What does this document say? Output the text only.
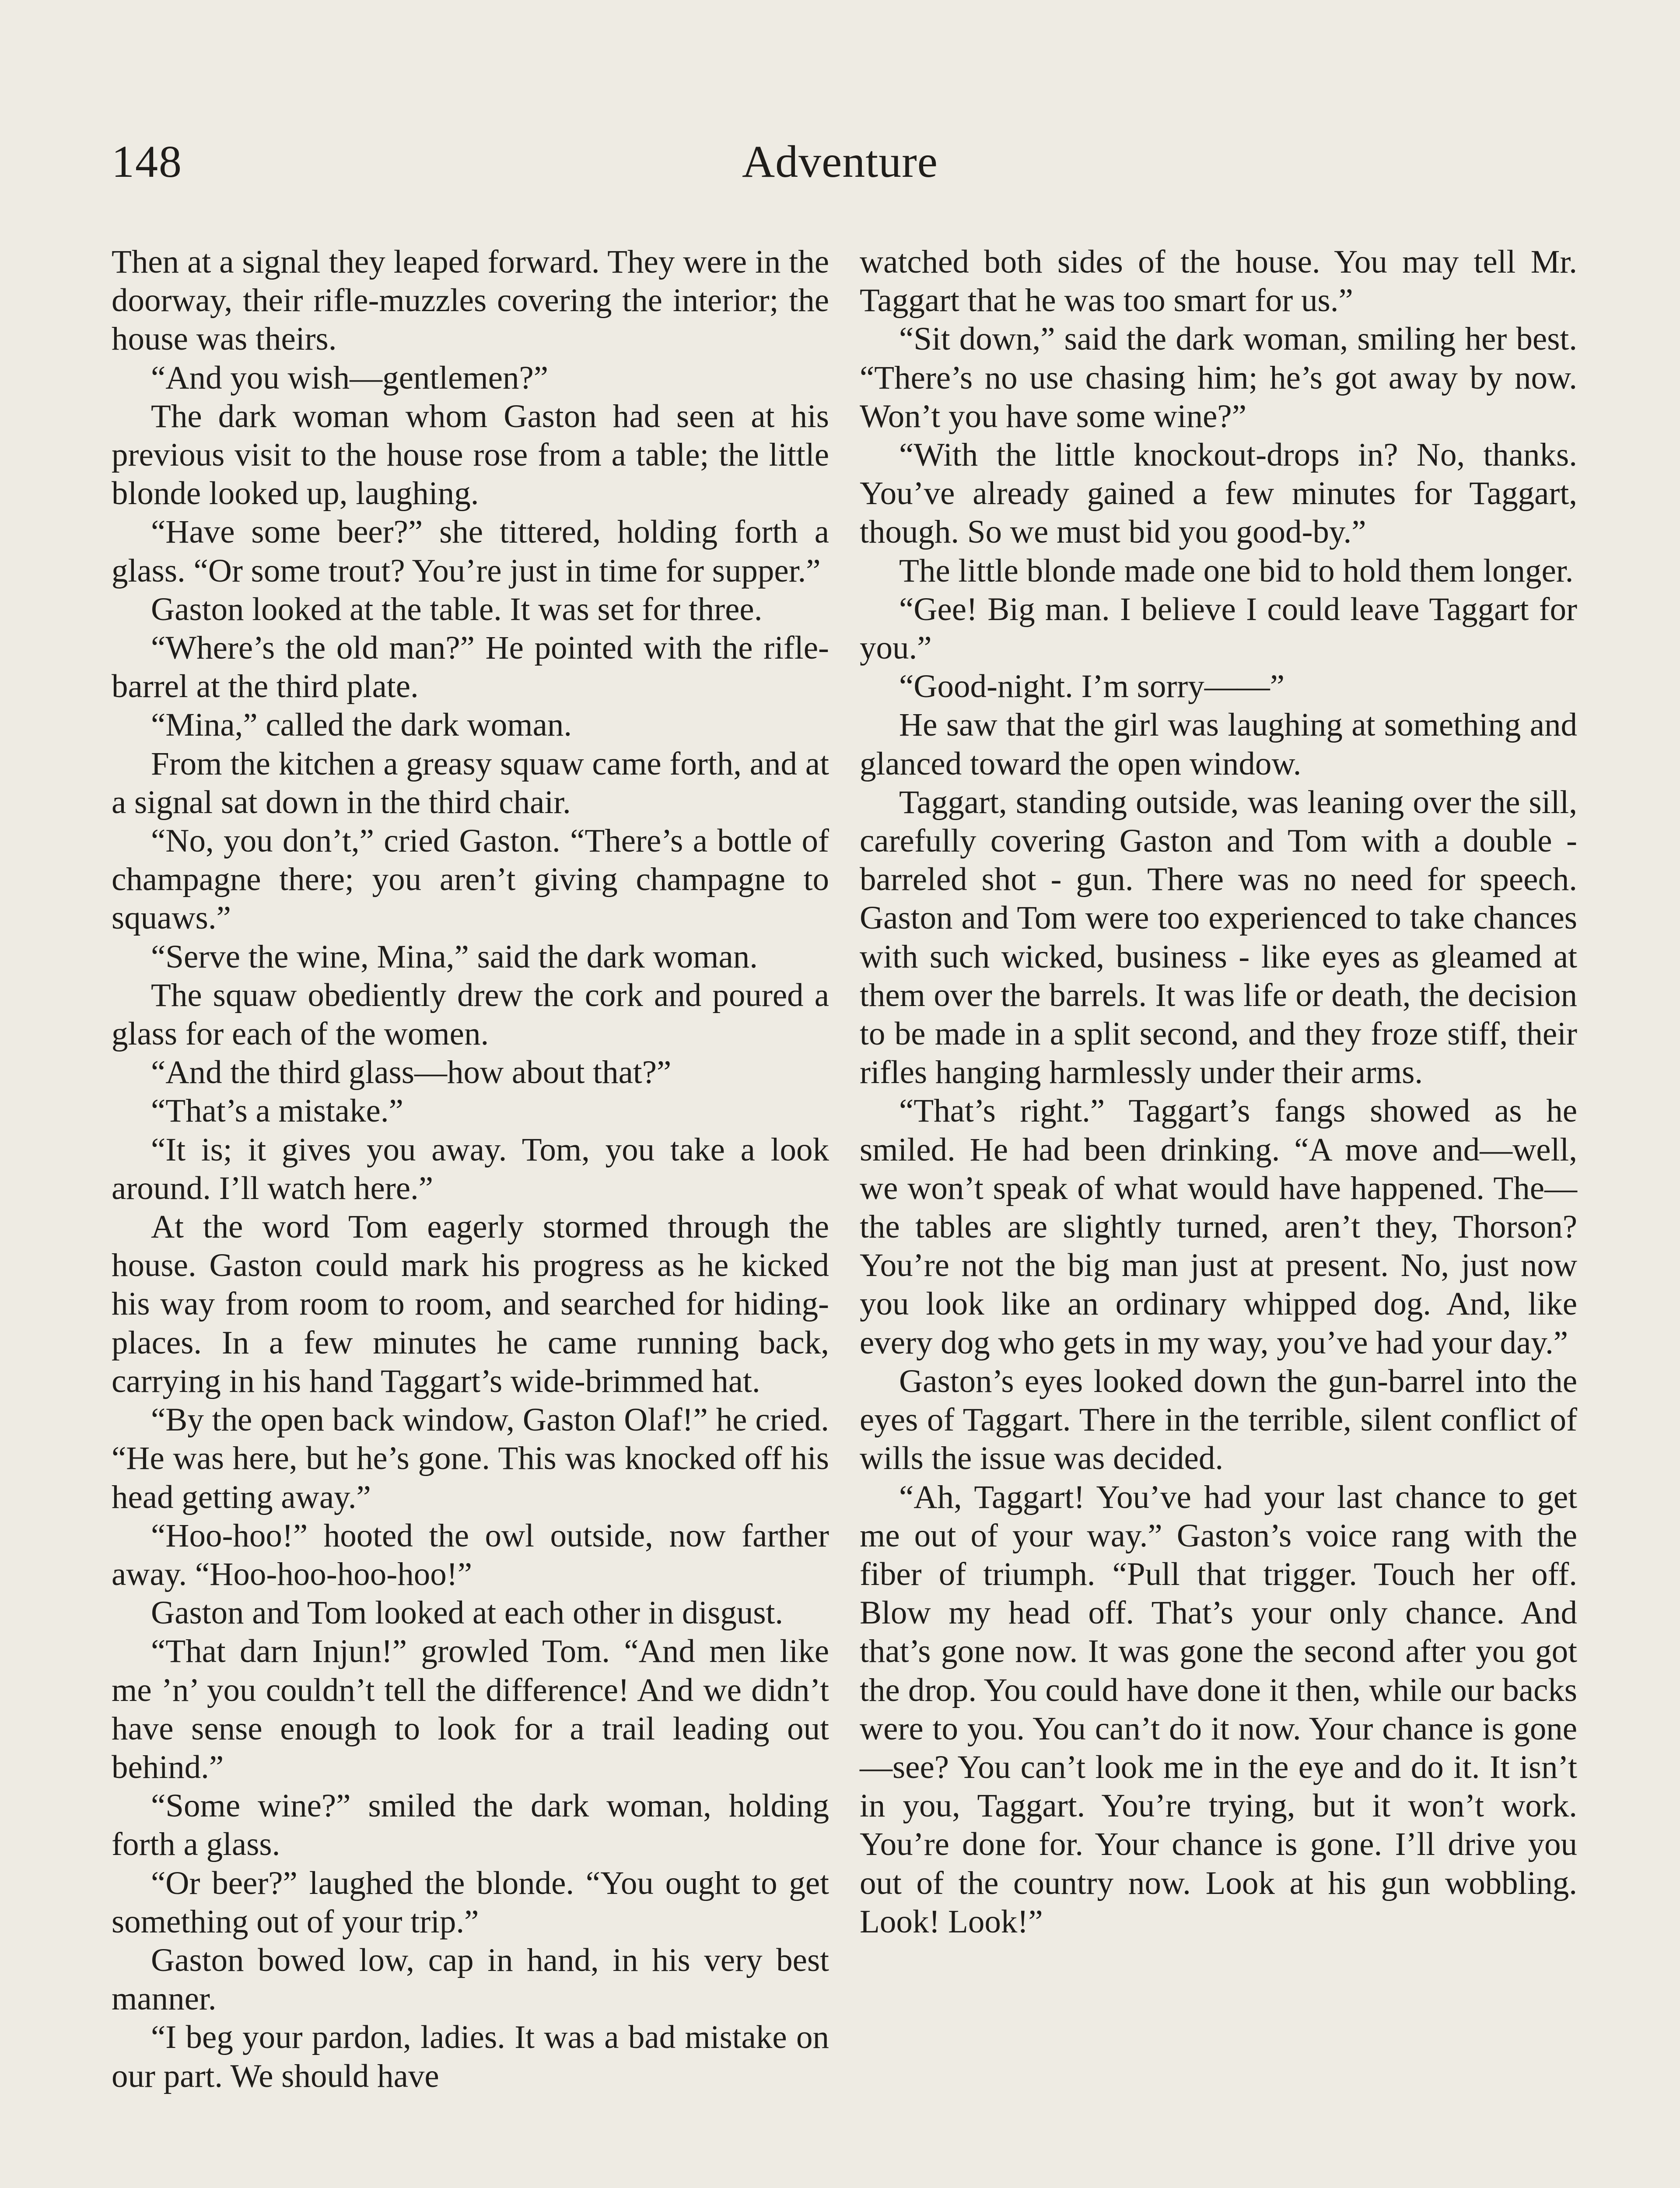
148	Adventure

Then at a signal they leaped forward. They were in the doorway, their rifle-muzzles covering the interior; the house was theirs.

“And you wish—gentlemen?”

The dark woman whom Gaston had seen at his previous visit to the house rose from a table; the little blonde looked up, laughing.

“Have some beer?” she tittered, holding forth a glass. “Or some trout? You’re just in time for supper.”

Gaston looked at the table. It was set for three.

“Where’s the old man?” He pointed with the rifle-barrel at the third plate.

“Mina,” called the dark woman.

From the kitchen a greasy squaw came forth, and at a signal sat down in the third chair.

“No, you don’t,” cried Gaston. “There’s a bottle of champagne there; you aren’t giving champagne to squaws.”

“Serve the wine, Mina,” said the dark woman.

The squaw obediently drew the cork and poured a glass for each of the women.

“And the third glass—how about that?”

“That’s a mistake.”

“It is; it gives you away. Tom, you take a look around. I’ll watch here.”

At the word Tom eagerly stormed through the house. Gaston could mark his progress as he kicked his way from room to room, and searched for hiding-places. In a few minutes he came running back, carrying in his hand Taggart’s wide-brimmed hat.

“By the open back window, Gaston Olaf!” he cried. “He was here, but he’s gone. This was knocked off his head getting away.”

“Hoo-hoo!” hooted the owl outside, now farther away. “Hoo-hoo-hoo-hoo!”

Gaston and Tom looked at each other in disgust.

“That darn Injun!” growled Tom. “And men like me ’n’ you couldn’t tell the difference! And we didn’t have sense enough to look for a trail leading out behind.”

“Some wine?” smiled the dark woman, holding forth a glass.

“Or beer?” laughed the blonde. “You ought to get something out of your trip.”

Gaston bowed low, cap in hand, in his very best manner.

“I beg your pardon, ladies. It was a bad mistake on our part. We should have

watched both sides of the house. You may tell Mr. Taggart that he was too smart for us.”

“Sit down,” said the dark woman, smiling her best. “There’s no use chasing him; he’s got away by now. Won’t you have some wine?”

“With the little knockout-drops in? No, thanks. You’ve already gained a few minutes for Taggart, though. So we must bid you good-by.”

The little blonde made one bid to hold them longer.

“Gee! Big man. I believe I could leave Taggart for you.”

“Good-night. I’m sorry——”

He saw that the girl was laughing at something and glanced toward the open window.

Taggart, standing outside, was leaning over the sill, carefully covering Gaston and Tom with a double - barreled shot - gun. There was no need for speech. Gaston and Tom were too experienced to take chances with such wicked, business - like eyes as gleamed at them over the barrels. It was life or death, the decision to be made in a split second, and they froze stiff, their rifles hanging harmlessly under their arms.

“That’s right.” Taggart’s fangs showed as he smiled. He had been drinking. “A move and—well, we won’t speak of what would have happened. The—the tables are slightly turned, aren’t they, Thorson? You’re not the big man just at present. No, just now you look like an ordinary whipped dog. And, like every dog who gets in my way, you’ve had your day.”

Gaston’s eyes looked down the gun-barrel into the eyes of Taggart. There in the terrible, silent conflict of wills the issue was decided.

“Ah, Taggart! You’ve had your last chance to get me out of your way.” Gaston’s voice rang with the fiber of triumph. “Pull that trigger. Touch her off. Blow my head off. That’s your only chance. And that’s gone now. It was gone the second after you got the drop. You could have done it then, while our backs were to you. You can’t do it now. Your chance is gone—see? You can’t look me in the eye and do it. It isn’t in you, Taggart. You’re trying, but it won’t work. You’re done for. Your chance is gone. I’ll drive you out of the country now. Look at his gun wobbling. Look! Look!”
